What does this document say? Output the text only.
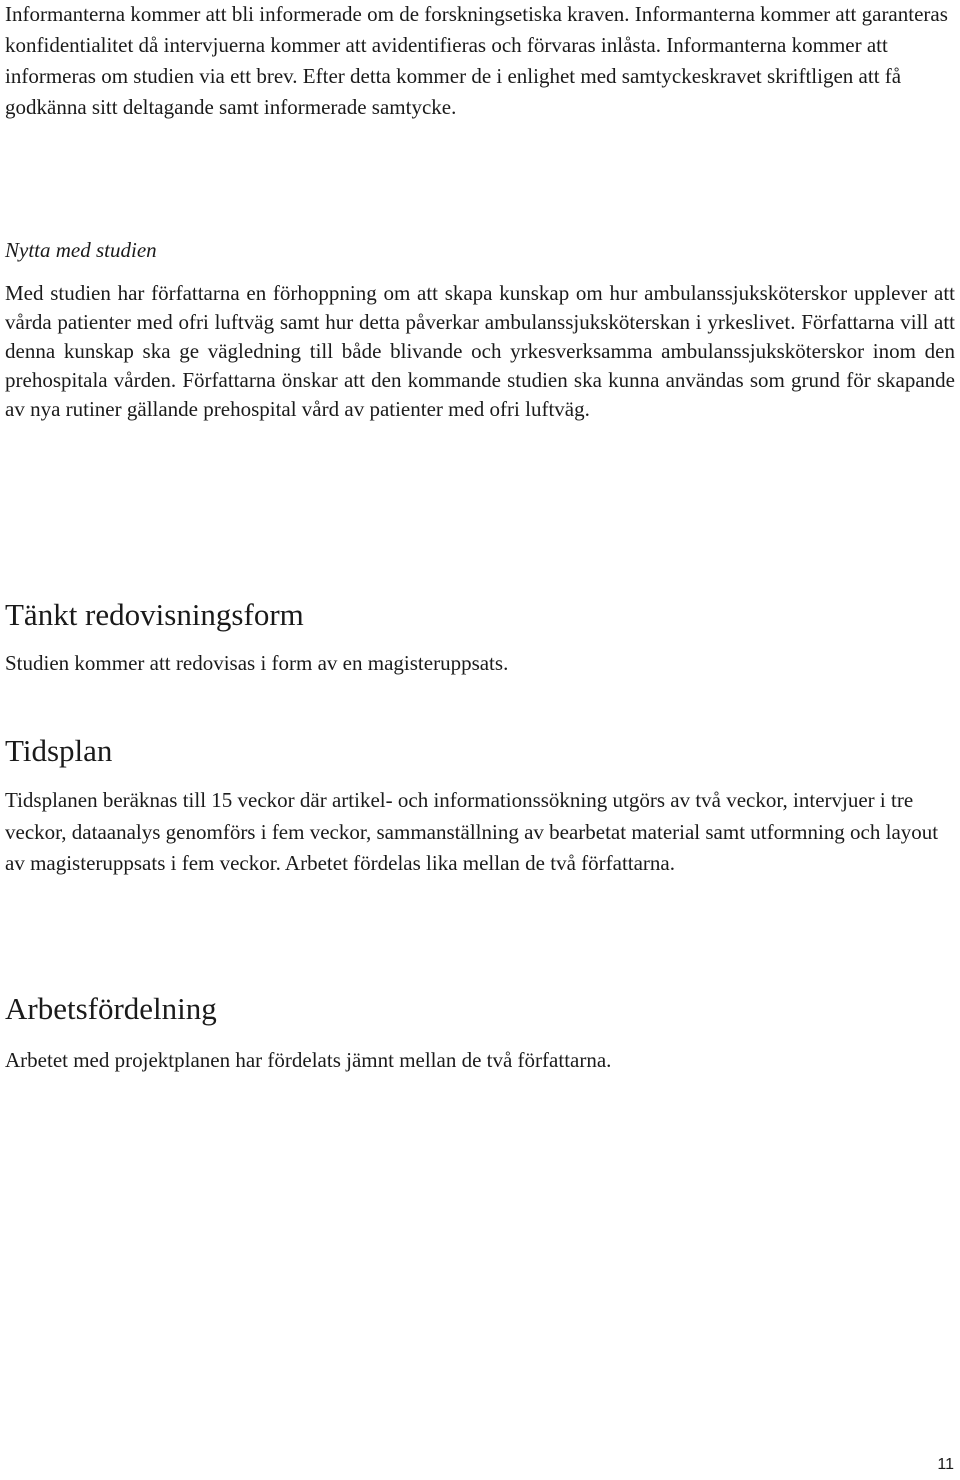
Informanterna kommer att bli informerade om de forskningsetiska kraven. Informanterna kommer att garanteras konfidentialitet då intervjuerna kommer att avidentifieras och förvaras inlåsta. Informanterna kommer att informeras om studien via ett brev. Efter detta kommer de i enlighet med samtyckeskravet skriftligen att få godkänna sitt deltagande samt informerade samtycke.

Nytta med studien

Med studien har författarna en förhoppning om att skapa kunskap om hur ambulanssjuksköterskor upplever att vårda patienter med ofri luftväg samt hur detta påverkar ambulanssjuksköterskan i yrkeslivet. Författarna vill att denna kunskap ska ge vägledning till både blivande och yrkesverksamma ambulanssjuksköterskor inom den prehospitala vården. Författarna önskar att den kommande studien ska kunna användas som grund för skapande av nya rutiner gällande prehospital vård av patienter med ofri luftväg.

Tänkt redovisningsform

Studien kommer att redovisas i form av en magisteruppsats.

Tidsplan

Tidsplanen beräknas till 15 veckor där artikel- och informationssökning utgörs av två veckor, intervjuer i tre veckor, dataanalys genomförs i fem veckor, sammanställning av bearbetat material samt utformning och layout av magisteruppsats i fem veckor. Arbetet fördelas lika mellan de två författarna.

Arbetsfördelning

Arbetet med projektplanen har fördelats jämnt mellan de två författarna.

11
